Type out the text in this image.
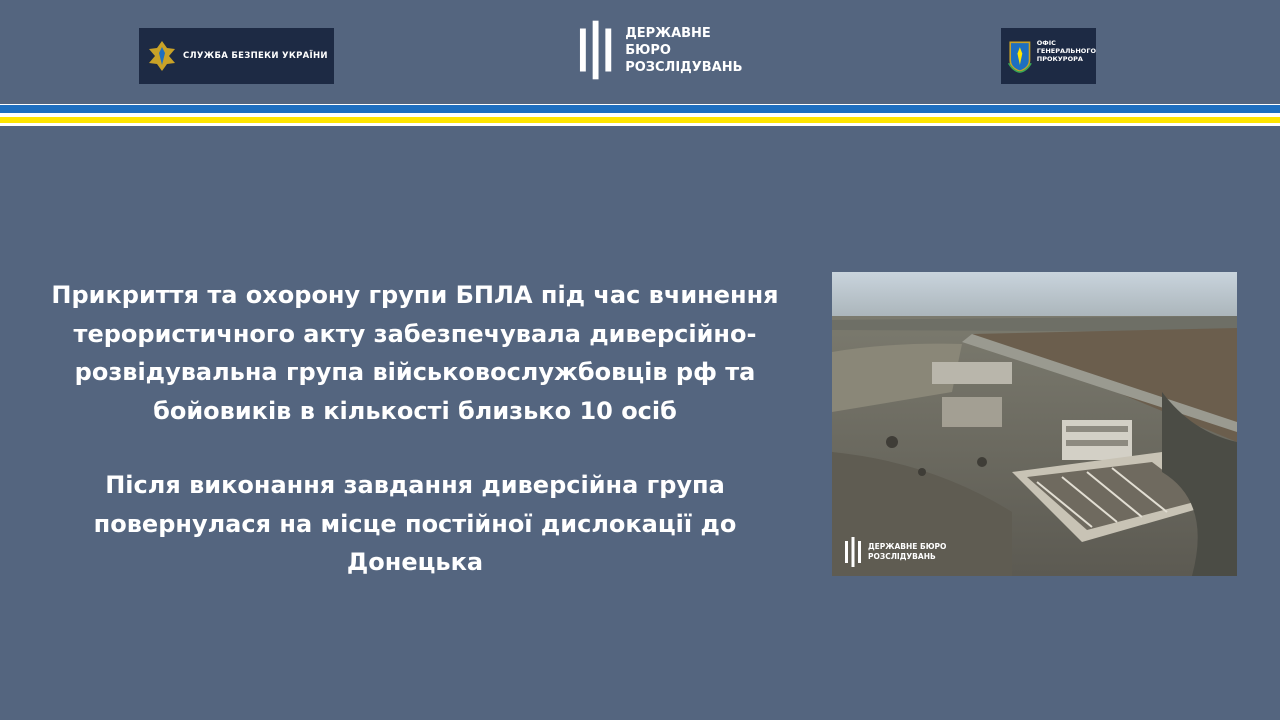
СЛУЖБА БЕЗПЕКИ УКРАЇНИ
ДЕРЖАВНЕ БЮРО
РОЗСЛІДУВАНЬ
ОФІС
ГЕНЕРАЛЬНОГО
ПРОКУРОРА

Прикриття та охорону групи БПЛА під час вчинення терористичного акту забезпечувала диверсійно-розвідувальна група військовослужбовців рф та бойовиків в кількості близько 10 осіб

Після виконання завдання диверсійна група повернулася на місце постійної дислокації до Донецька

ДЕРЖАВНЕ БЮРО
РОЗСЛІДУВАНЬ
